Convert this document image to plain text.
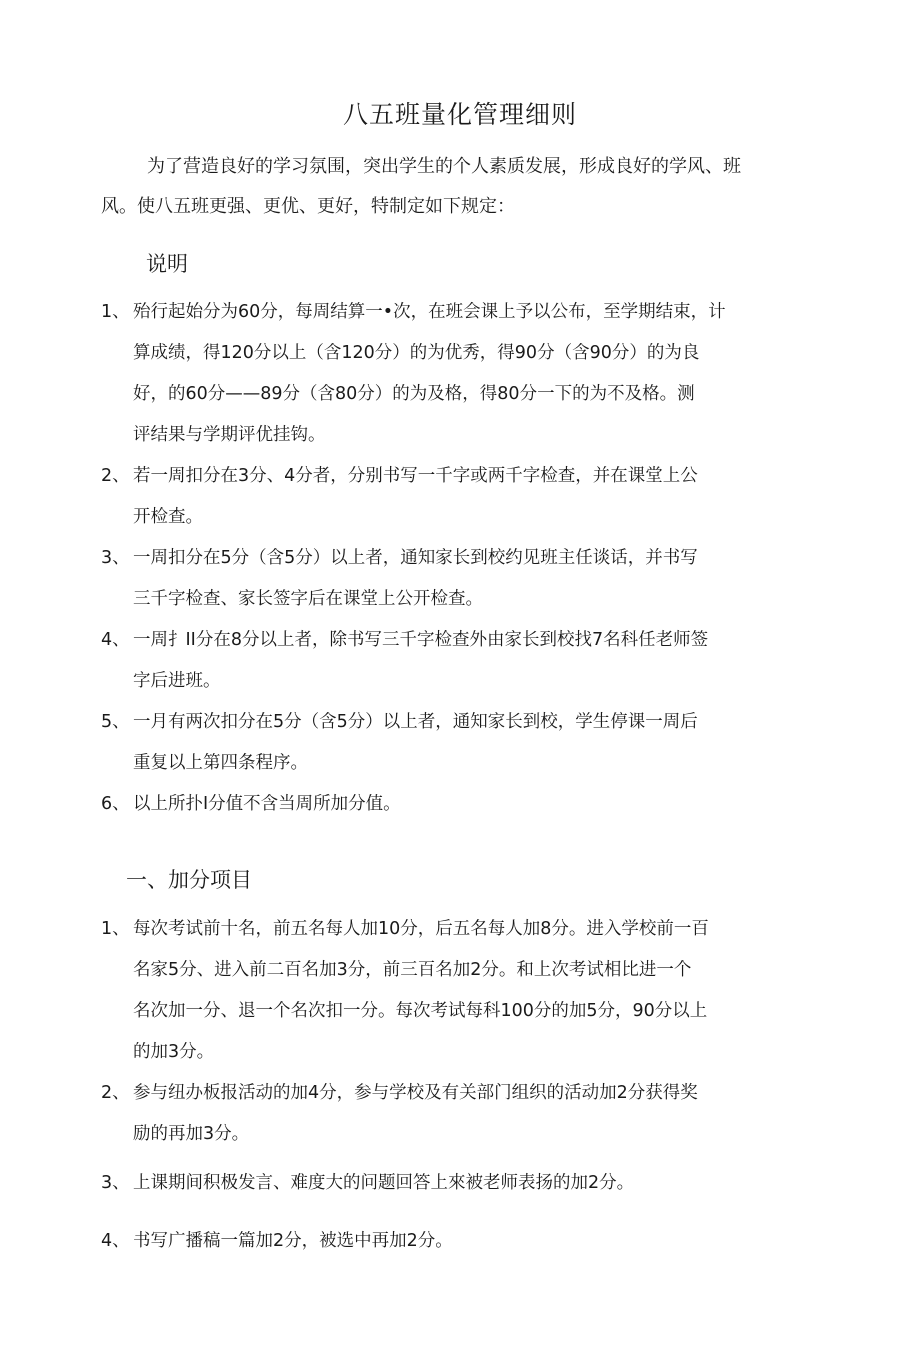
八五班量化管理细则
为了营造良好的学习氛围，突出学生的个人素质发展，形成良好的学风、班
风。使八五班更强、更优、更好，特制定如下规定：
说明
1、 殆行起始分为60分，每周结算一•次，在班会课上予以公布，至学期结束，计
算成绩，得120分以上（含120分）的为优秀，得90分（含90分）的为良
好，的60分——89分（含80分）的为及格，得80分一下的为不及格。测
评结果与学期评优挂钩。
2、 若一周扣分在3分、4分者，分别书写一千字或两千字检查，并在课堂上公
开检查。
3、 一周扣分在5分（含5分）以上者，通知家长到校约见班主任谈话，并书写
三千字检查、家长签字后在课堂上公开检查。
4、 一周扌II分在8分以上者，除书写三千字检查外由家长到校找7名科任老师签
字后进班。
5、 一月有两次扣分在5分（含5分）以上者，通知家长到校，学生停课一周后
重复以上第四条程序。
6、 以上所扑I分值不含当周所加分值。
一、加分项目
1、 每次考试前十名，前五名每人加10分，后五名每人加8分。进入学校前一百
名家5分、进入前二百名加3分，前三百名加2分。和上次考试相比进一个
名次加一分、退一个名次扣一分。每次考试每科100分的加5分，90分以上
的加3分。
2、 参与纽办板报活动的加4分，参与学校及有关部门组织的活动加2分获得奖
励的再加3分。
3、 上课期间积极发言、难度大的问题回答上來被老师表扬的加2分。
4、 书写广播稿一篇加2分，被选中再加2分。
